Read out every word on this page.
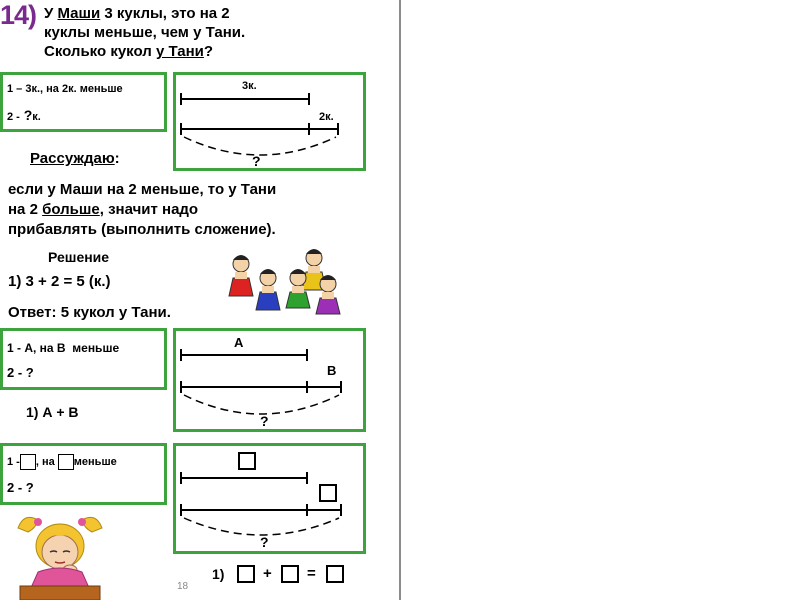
14) У Маши 3 куклы, это на 2
куклы меньше, чем у Тани.
Сколько кукол у Тани?
1 – 3к., на 2к. меньше
2 - ?к.
3к.
2к.
?
Рассуждаю:
если у Маши на 2 меньше, то у Тани
на 2 больше, значит надо
прибавлять (выполнить сложение).
Решение
1) 3 + 2 = 5 (к.)
Ответ: 5 кукол у Тани.
1 - А, на В  меньше
2 - ?
А
В
?
1) А + В
1 - , на меньше
2 - ?
?
1)	+ =
18
